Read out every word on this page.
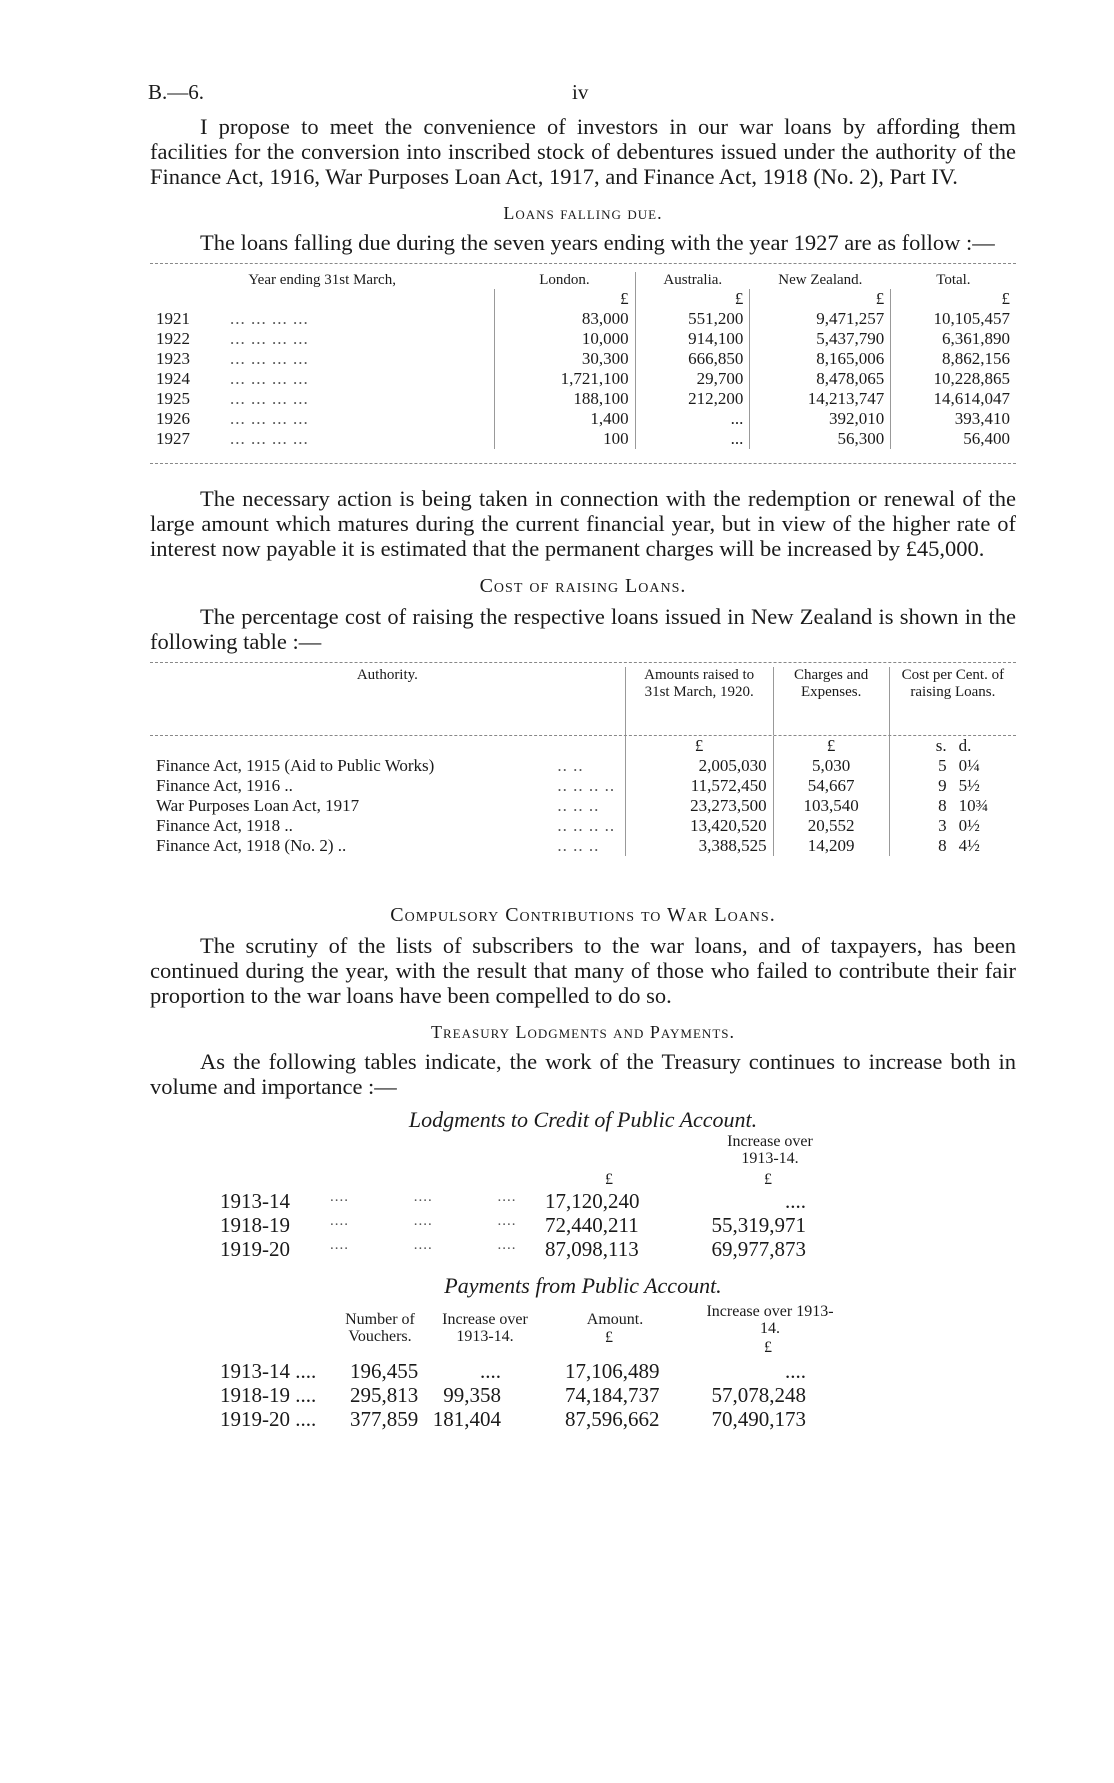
B.—6.	iv

I propose to meet the convenience of investors in our war loans by affording them facilities for the conversion into inscribed stock of debentures issued under the authority of the Finance Act, 1916, War Purposes Loan Act, 1917, and Finance Act, 1918 (No. 2), Part IV.

Loans falling due.

The loans falling due during the seven years ending with the year 1927 are as follow :—

Year ending 31st March,	London.	Australia.	New Zealand.	Total.
	£	£	£	£
1921 ... ... ... ...	83,000	551,200	9,471,257	10,105,457
1922 ... ... ... ...	10,000	914,100	5,437,790	6,361,890
1923 ... ... ... ...	30,300	666,850	8,165,006	8,862,156
1924 ... ... ... ...	1,721,100	29,700	8,478,065	10,228,865
1925 ... ... ... ...	188,100	212,200	14,213,747	14,614,047
1926 ... ... ... ...	1,400	...	392,010	393,410
1927 ... ... ... ...	100	...	56,300	56,400

The necessary action is being taken in connection with the redemption or renewal of the large amount which matures during the current financial year, but in view of the higher rate of interest now payable it is estimated that the permanent charges will be increased by £45,000.

Cost of raising Loans.

The percentage cost of raising the respective loans issued in New Zealand is shown in the following table :—

Authority.		Amounts raised to 31st March, 1920.	Charges and Expenses.	Cost per Cent. of raising Loans.	

		£	£	s.	d.
Finance Act, 1915 (Aid to Public Works)	.. ..	2,005,030	5,030	5	0¼
Finance Act, 1916 ..	.. .. .. ..	11,572,450	54,667	9	5½
War Purposes Loan Act, 1917	.. .. ..	23,273,500	103,540	8	10¾
Finance Act, 1918 ..	.. .. .. ..	13,420,520	20,552	3	0½
Finance Act, 1918 (No. 2) ..	.. .. ..	3,388,525	14,209	8	4½
Compulsory Contributions to War Loans.

The scrutiny of the lists of subscribers to the war loans, and of taxpayers, has been continued during the year, with the result that many of those who failed to contribute their fair proportion to the war loans have been compelled to do so.

Treasury Lodgments and Payments.

As the following tables indicate, the work of the Treasury continues to increase both in volume and importance :—

Lodgments to Credit of Public Account.
Increase over 1913-14.
£	£
1913-14	.... .... .... 17,120,240	....
1918-19	.... .... .... 72,440,211	55,319,971
1919-20	.... .... .... 87,098,113	69,977,873
Payments from Public Account.
Number of Vouchers.
Increase over 1913-14.
Amount.
£
Increase over 1913-14.
£
1913-14 .... 196,455	....	17,106,489	....
1918-19 .... 295,813 99,358	74,184,737 57,078,248
1919-20 .... 377,859 181,404	87,596,662 70,490,173
